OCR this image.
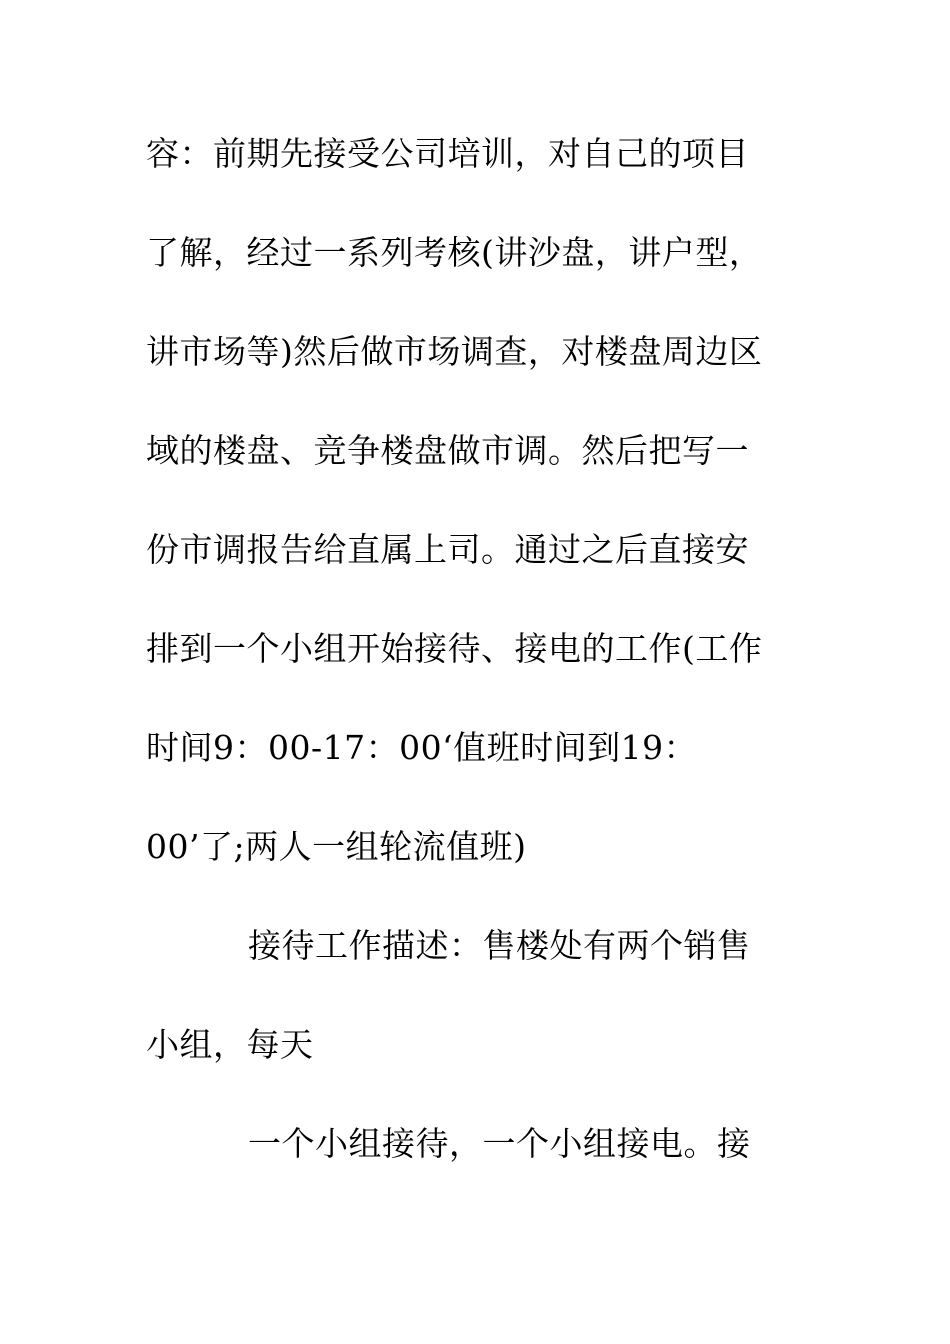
容：前期先接受公司培训，对自己的项目
了解，经过一系列考核(讲沙盘，讲户型，
讲市场等)然后做市场调查，对楼盘周边区
域的楼盘、竞争楼盘做市调。然后把写一
份市调报告给直属上司。通过之后直接安
排到一个小组开始接待、接电的工作(工作
时间9：00-17：00‘值班时间到19：
00’了;两人一组轮流值班)
接待工作描述：售楼处有两个销售
小组，每天
一个小组接待，一个小组接电。接
